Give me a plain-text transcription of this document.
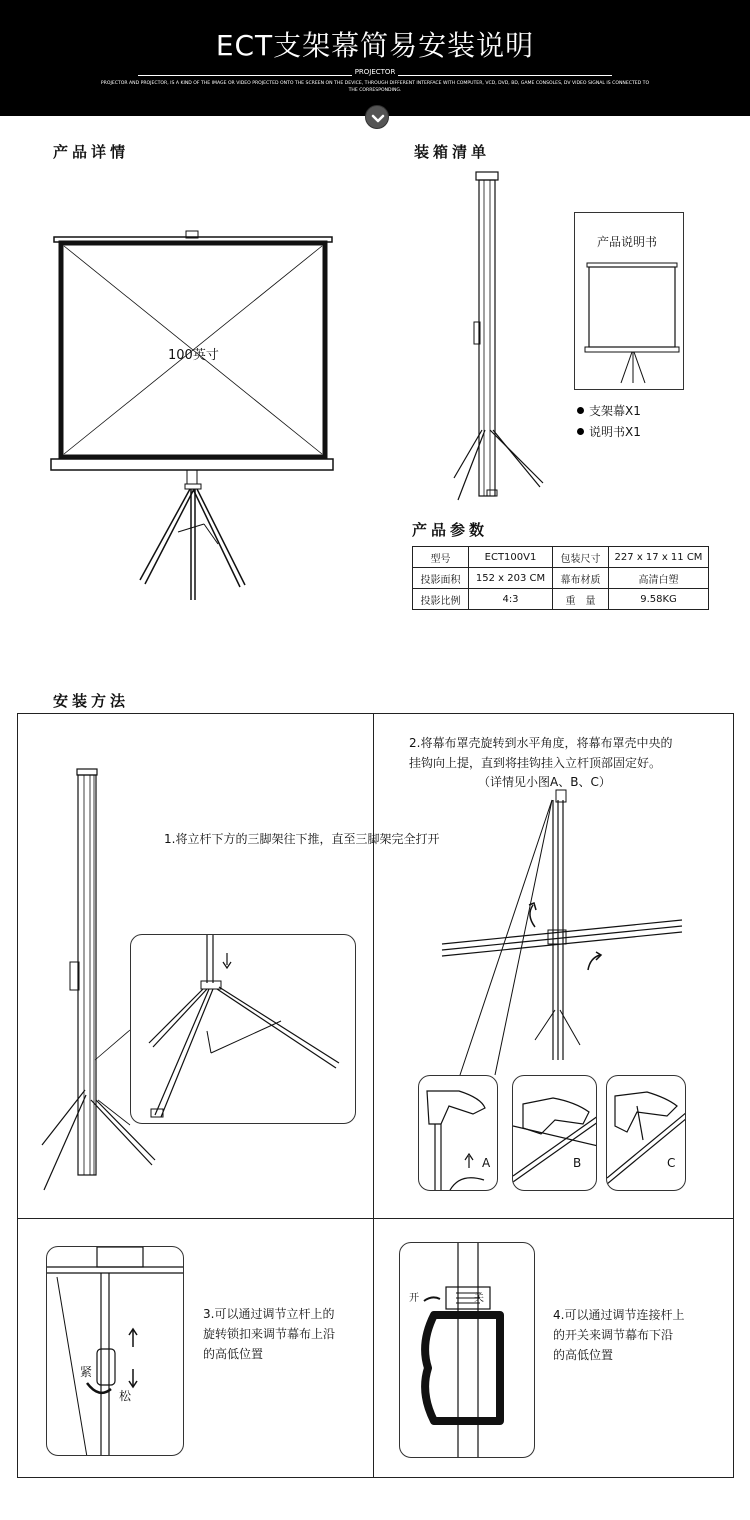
ECT支架幕简易安装说明
PROJECTOR
PROJECTOR AND PROJECTOR, IS A KIND OF THE IMAGE OR VIDEO PROJECTED ONTO THE SCREEN ON THE DEVICE, THROUGH DIFFERENT INTERFACE WITH COMPUTER, VCD, DVD, BD, GAME CONSOLES, DV VIDEO SIGNAL IS CONNECTED TO THE CORRESPONDING.
产品详情	装箱清单
产品参数
安装方法
产品说明书
支架幕X1
说明书X1
100英寸
型号	ECT100V1	包装尺寸	227 x 17 x 11 CM
投影面积	152 x 203 CM	幕布材质	高清白塑
投影比例	4:3	重　量	9.58KG
1.将立杆下方的三脚架往下推，直至三脚架完全打开
2.将幕布罩壳旋转到水平角度，将幕布罩壳中央的
挂钩向上提，直到将挂钩挂入立杆顶部固定好。
（详情见小图A、B、C）
A	B	C
紧
松
3.可以通过调节立杆上的
旋转锁扣来调节幕布上沿
的高低位置
开	关
4.可以通过调节连接杆上
的开关来调节幕布下沿
的高低位置
